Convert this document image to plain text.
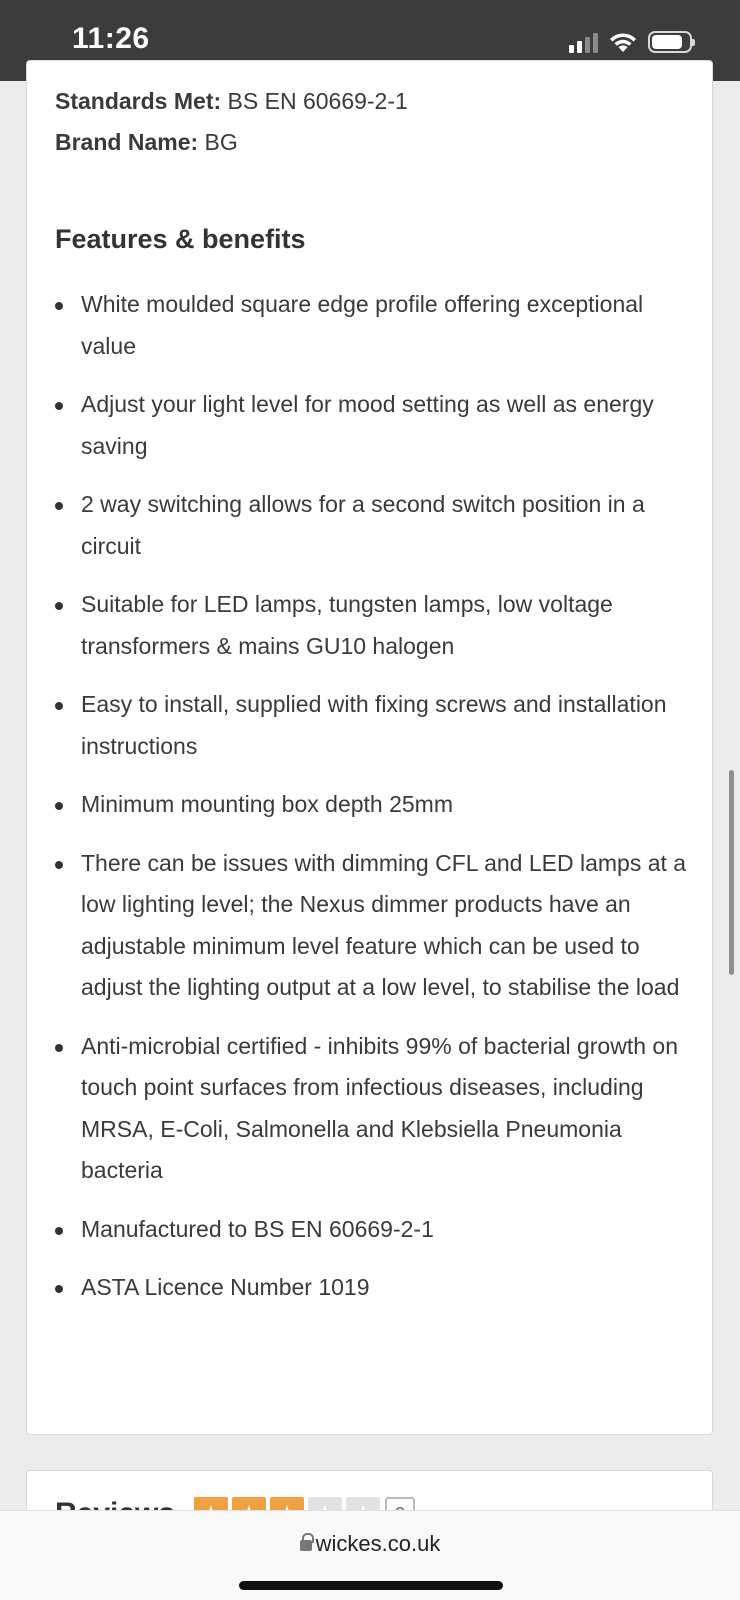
11:26
Standards Met: BS EN 60669-2-1
Brand Name: BG
Features & benefits
White moulded square edge profile offering exceptional value
Adjust your light level for mood setting as well as energy saving
2 way switching allows for a second switch position in a circuit
Suitable for LED lamps, tungsten lamps, low voltage transformers & mains GU10 halogen
Easy to install, supplied with fixing screws and installation instructions
Minimum mounting box depth 25mm
There can be issues with dimming CFL and LED lamps at a low lighting level; the Nexus dimmer products have an adjustable minimum level feature which can be used to adjust the lighting output at a low level, to stabilise the load
Anti-microbial certified - inhibits 99% of bacterial growth on touch point surfaces from infectious diseases, including MRSA, E-Coli, Salmonella and Klebsiella Pneumonia bacteria
Manufactured to BS EN 60669-2-1
ASTA Licence Number 1019
wickes.co.uk
